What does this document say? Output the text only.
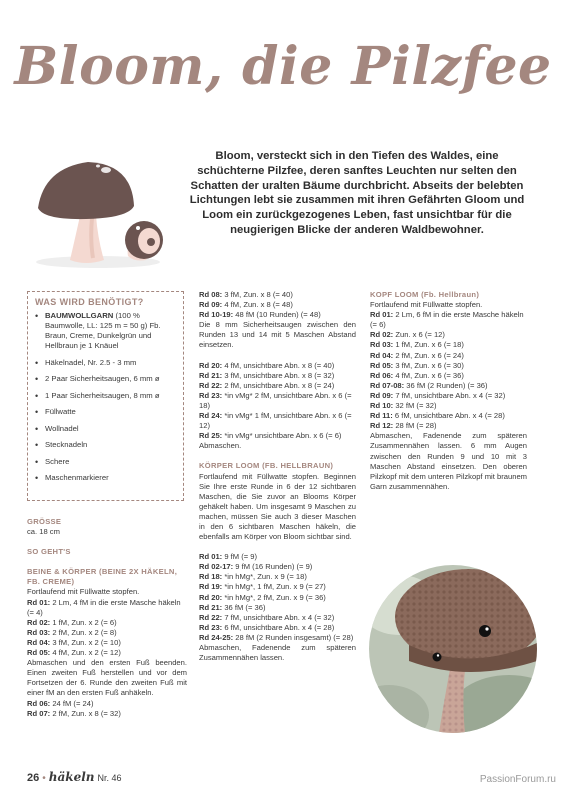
Bloom, die Pilzfee

Bloom, versteckt sich in den Tiefen des Waldes, eine schüchterne Pilzfee, deren sanftes Leuchten nur selten den Schatten der uralten Bäume durchbricht. Abseits der belebten Lichtungen lebt sie zusammen mit ihren Gefährten Gloom und Loom ein zurückgezogenes Leben, fast unsichtbar für die neugierigen Blicke der anderen Waldbewohner.

WAS WIRD BENÖTIGT?
• BAUMWOLLGARN (100 % Baumwolle, LL: 125 m = 50 g) Fb. Braun, Creme, Dunkelgrün und Hellbraun je 1 Knäuel
• Häkelnadel, Nr. 2.5 - 3 mm
• 2 Paar Sicherheitsaugen, 6 mm ø
• 1 Paar Sicherheitsaugen, 8 mm ø
• Füllwatte
• Wollnadel
• Stecknadeln
• Schere
• Maschenmarkierer
GRÖSSE

ca. 18 cm

SO GEHT'S
BEINE & KÖRPER (BEINE 2X HÄKELN, FB. CREME)

Fortlaufend mit Füllwatte stopfen.

Rd 01: 2 Lm, 4 fM in die erste Masche häkeln (= 4)

Rd 02: 1 fM, Zun. x 2 (= 6)

Rd 03: 2 fM, Zun. x 2 (= 8)

Rd 04: 3 fM, Zun. x 2 (= 10)

Rd 05: 4 fM, Zun. x 2 (= 12)

Abmaschen und den ersten Fuß beenden. Einen zweiten Fuß herstellen und vor dem Fortsetzen der 6. Runde den zweiten Fuß mit einer fM an den ersten Fuß anhäkeln.

Rd 06: 24 fM (= 24)

Rd 07: 2 fM, Zun. x 8 (= 32)

Rd 08: 3 fM, Zun. x 8 (= 40)

Rd 09: 4 fM, Zun. x 8 (= 48)

Rd 10-19: 48 fM (10 Runden) (= 48)

Die 8 mm Sicherheitsaugen zwischen den Runden 13 und 14 mit 5 Maschen Abstand einsetzen.

Rd 20: 4 fM, unsichtbare Abn. x 8 (= 40)

Rd 21: 3 fM, unsichtbare Abn. x 8 (= 32)

Rd 22: 2 fM, unsichtbare Abn. x 8 (= 24)

Rd 23: *in vMg* 2 fM, unsichtbare Abn. x 6 (= 18)

Rd 24: *in vMg* 1 fM, unsichtbare Abn. x 6 (= 12)

Rd 25: *in vMg* unsichtbare Abn. x 6 (= 6)

Abmaschen.

KÖRPER LOOM (FB. HELLBRAUN)

Fortlaufend mit Füllwatte stopfen. Beginnen Sie Ihre erste Runde in 6 der 12 sichtbaren Maschen, die Sie zuvor an Blooms Körper gehäkelt haben. Um insgesamt 9 Maschen zu machen, müssen Sie auch 3 dieser Maschen in den 6 sichtbaren Maschen häkeln, die ebenfalls am Körper von Bloom sichtbar sind.

Rd 01: 9 fM (= 9)

Rd 02-17: 9 fM (16 Runden) (= 9)

Rd 18: *in hMg*, Zun. x 9 (= 18)

Rd 19: *in hMg*, 1 fM, Zun. x 9 (= 27)

Rd 20: *in hMg*, 2 fM, Zun. x 9 (= 36)

Rd 21: 36 fM (= 36)

Rd 22: 7 fM, unsichtbare Abn. x 4 (= 32)

Rd 23: 6 fM, unsichtbare Abn. x 4 (= 28)

Rd 24-25: 28 fM (2 Runden insgesamt) (= 28)

Abmaschen, Fadenende zum späteren Zusammennähen lassen.

KOPF LOOM (Fb. Hellbraun)

Fortlaufend mit Füllwatte stopfen.

Rd 01: 2 Lm, 6 fM in die erste Masche häkeln (= 6)

Rd 02: Zun. x 6 (= 12)

Rd 03: 1 fM, Zun. x 6 (= 18)

Rd 04: 2 fM, Zun. x 6 (= 24)

Rd 05: 3 fM, Zun. x 6 (= 30)

Rd 06: 4 fM, Zun. x 6 (= 36)

Rd 07-08: 36 fM (2 Runden) (= 36)

Rd 09: 7 fM, unsichtbare Abn. x 4 (= 32)

Rd 10: 32 fM (= 32)

Rd 11: 6 fM, unsichtbare Abn. x 4 (= 28)

Rd 12: 28 fM (= 28)

Abmaschen, Fadenende zum späteren Zusammennähen lassen. 6 mm Augen zwischen den Runden 9 und 10 mit 3 Maschen Abstand einsetzen. Den oberen Pilzkopf mit dem unteren Pilzkopf mit braunem Garn zusammennähen.

26 • häkeln Nr. 46	PassionForum.ru
